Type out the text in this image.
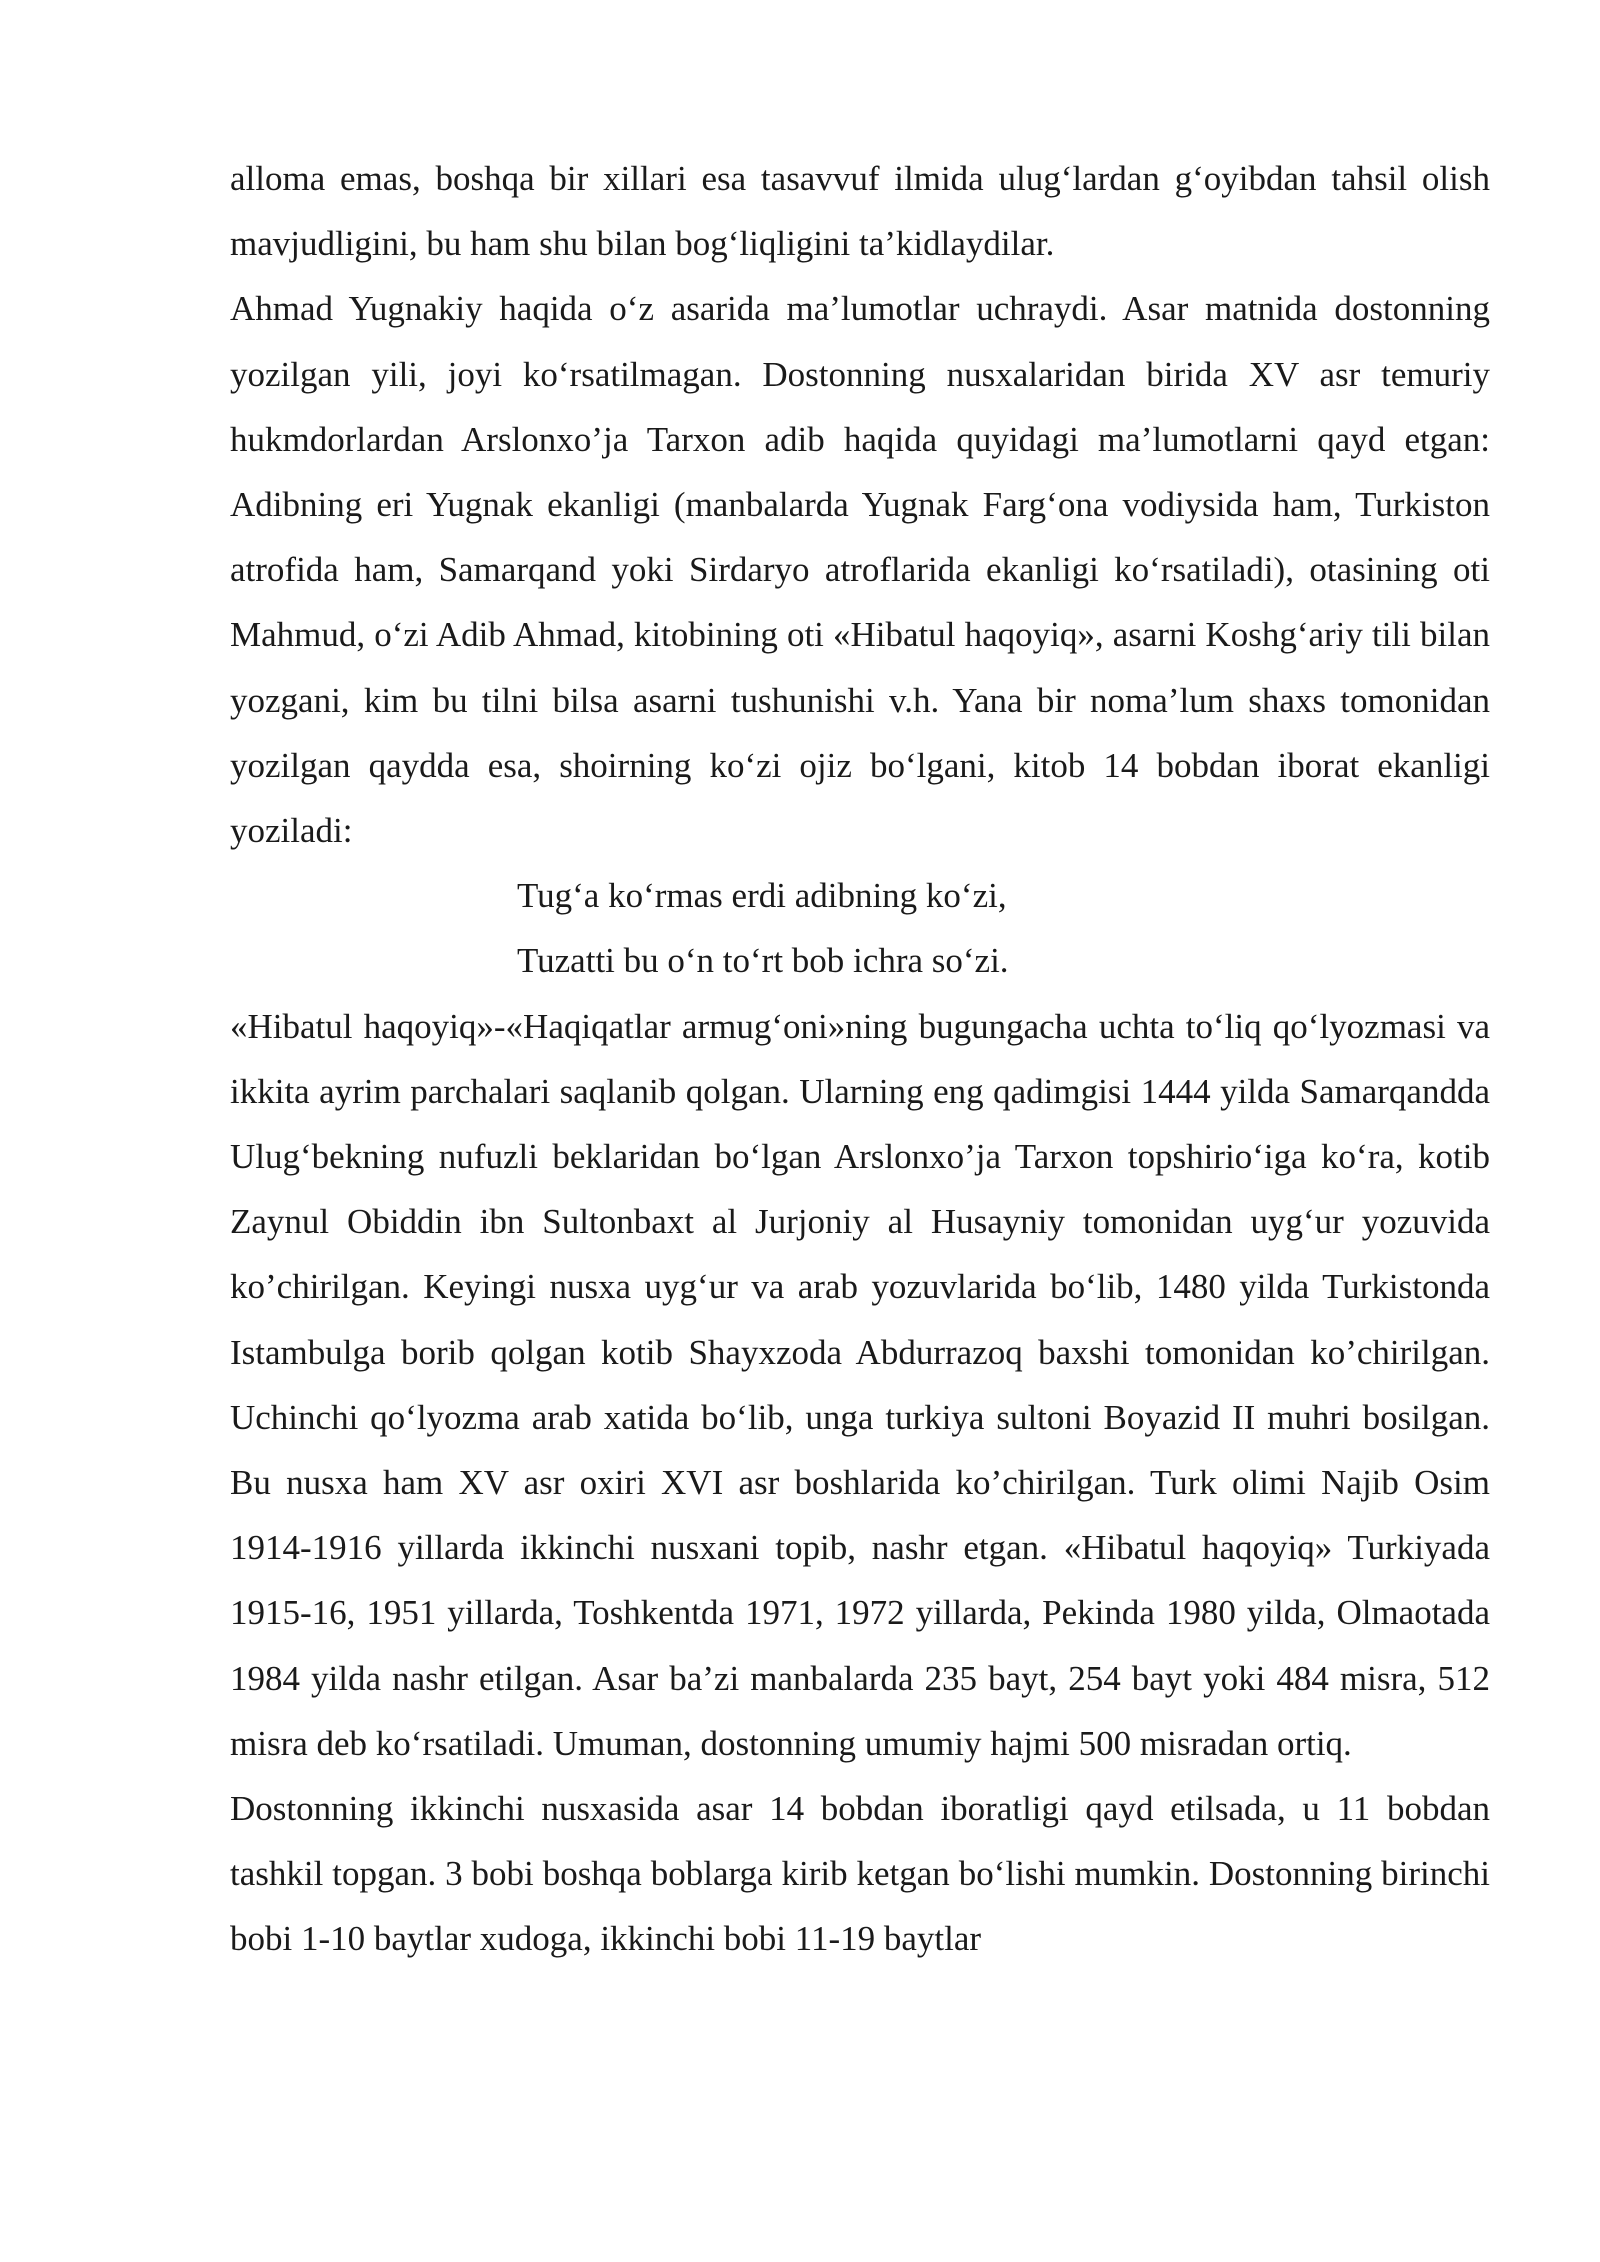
alloma emas, boshqa bir xillari esa tasavvuf ilmida ulug‘lardan g‘oyibdan tahsil olish mavjudligini, bu ham shu bilan bog‘liqligini ta’kidlaydilar.

Ahmad Yugnakiy haqida o‘z asarida ma’lumotlar uchraydi. Asar matnida dostonning yozilgan yili, joyi ko‘rsatilmagan. Dostonning nusxalaridan birida XV asr temuriy hukmdorlardan Arslonxo’ja Tarxon adib haqida quyidagi ma’lumotlarni qayd etgan: Adibning eri Yugnak ekanligi (manbalarda Yugnak Farg‘ona vodiysida ham, Turkiston atrofida ham, Samarqand yoki Sirdaryo atroflarida ekanligi ko‘rsatiladi), otasining oti Mahmud, o‘zi Adib Ahmad, kitobining oti «Hibatul haqoyiq», asarni Koshg‘ariy tili bilan yozgani, kim bu tilni bilsa asarni tushunishi v.h. Yana bir noma’lum shaxs tomonidan yozilgan qaydda esa, shoirning ko‘zi ojiz bo‘lgani, kitob 14 bobdan iborat ekanligi yoziladi:

Tug‘a ko‘rmas erdi adibning ko‘zi,

Tuzatti bu o‘n to‘rt bob ichra so‘zi.

«Hibatul haqoyiq»-«Haqiqatlar armug‘oni»ning bugungacha uchta to‘liq qo‘lyozmasi va ikkita ayrim parchalari saqlanib qolgan. Ularning eng qadimgisi 1444 yilda Samarqandda Ulug‘bekning nufuzli beklaridan bo‘lgan Arslonxo’ja Tarxon topshirio‘iga ko‘ra, kotib Zaynul Obiddin ibn Sultonbaxt al Jurjoniy al Husayniy tomonidan uyg‘ur yozuvida ko’chirilgan. Keyingi nusxa uyg‘ur va arab yozuvlarida bo‘lib, 1480 yilda Turkistonda Istambulga borib qolgan kotib Shayxzoda Abdurrazoq baxshi tomonidan ko’chirilgan. Uchinchi qo‘lyozma arab xatida bo‘lib, unga turkiya sultoni Boyazid II muhri bosilgan. Bu nusxa ham XV asr oxiri XVI asr boshlarida ko’chirilgan. Turk olimi Najib Osim 1914-1916 yillarda ikkinchi nusxani topib, nashr etgan. «Hibatul haqoyiq» Turkiyada 1915-16, 1951 yillarda, Toshkentda 1971, 1972 yillarda, Pekinda 1980 yilda, Olmaotada 1984 yilda nashr etilgan. Asar ba’zi manbalarda 235 bayt, 254 bayt yoki 484 misra, 512 misra deb ko‘rsatiladi. Umuman, dostonning umumiy hajmi 500 misradan ortiq.

Dostonning ikkinchi nusxasida asar 14 bobdan iboratligi qayd etilsada, u 11 bobdan tashkil topgan. 3 bobi boshqa boblarga kirib ketgan bo‘lishi mumkin. Dostonning birinchi bobi 1-10 baytlar xudoga, ikkinchi bobi 11-19 baytlar
